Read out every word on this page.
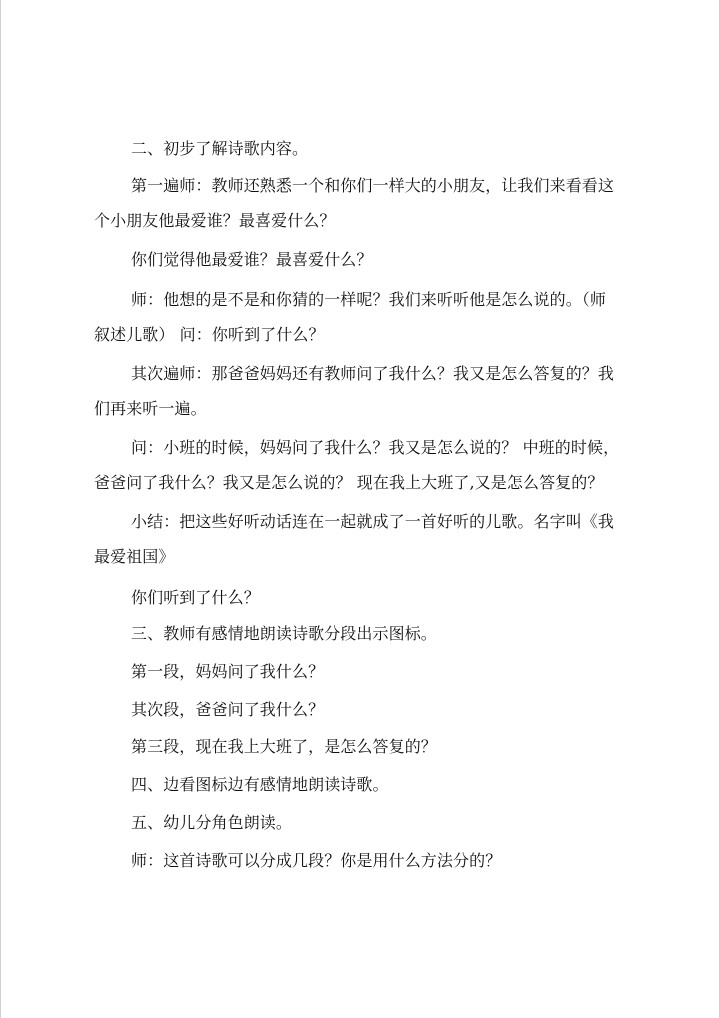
二、初步了解诗歌内容。
第一遍师：教师还熟悉一个和你们一样大的小朋友，让我们来看看这
个小朋友他最爱谁？最喜爱什么？
你们觉得他最爱谁？最喜爱什么？
师：他想的是不是和你猜的一样呢？我们来听听他是怎么说的。（师
叙述儿歌） 问：你听到了什么？
其次遍师：那爸爸妈妈还有教师问了我什么？我又是怎么答复的？我
们再来听一遍。
问：小班的时候，妈妈问了我什么？我又是怎么说的？ 中班的时候，
爸爸问了我什么？我又是怎么说的？ 现在我上大班了,又是怎么答复的？
小结：把这些好听动话连在一起就成了一首好听的儿歌。名字叫《我
最爱祖国》
你们听到了什么？
三、教师有感情地朗读诗歌分段出示图标。
第一段，妈妈问了我什么？
其次段，爸爸问了我什么？
第三段，现在我上大班了，是怎么答复的？
四、边看图标边有感情地朗读诗歌。
五、幼儿分角色朗读。
师：这首诗歌可以分成几段？你是用什么方法分的？
